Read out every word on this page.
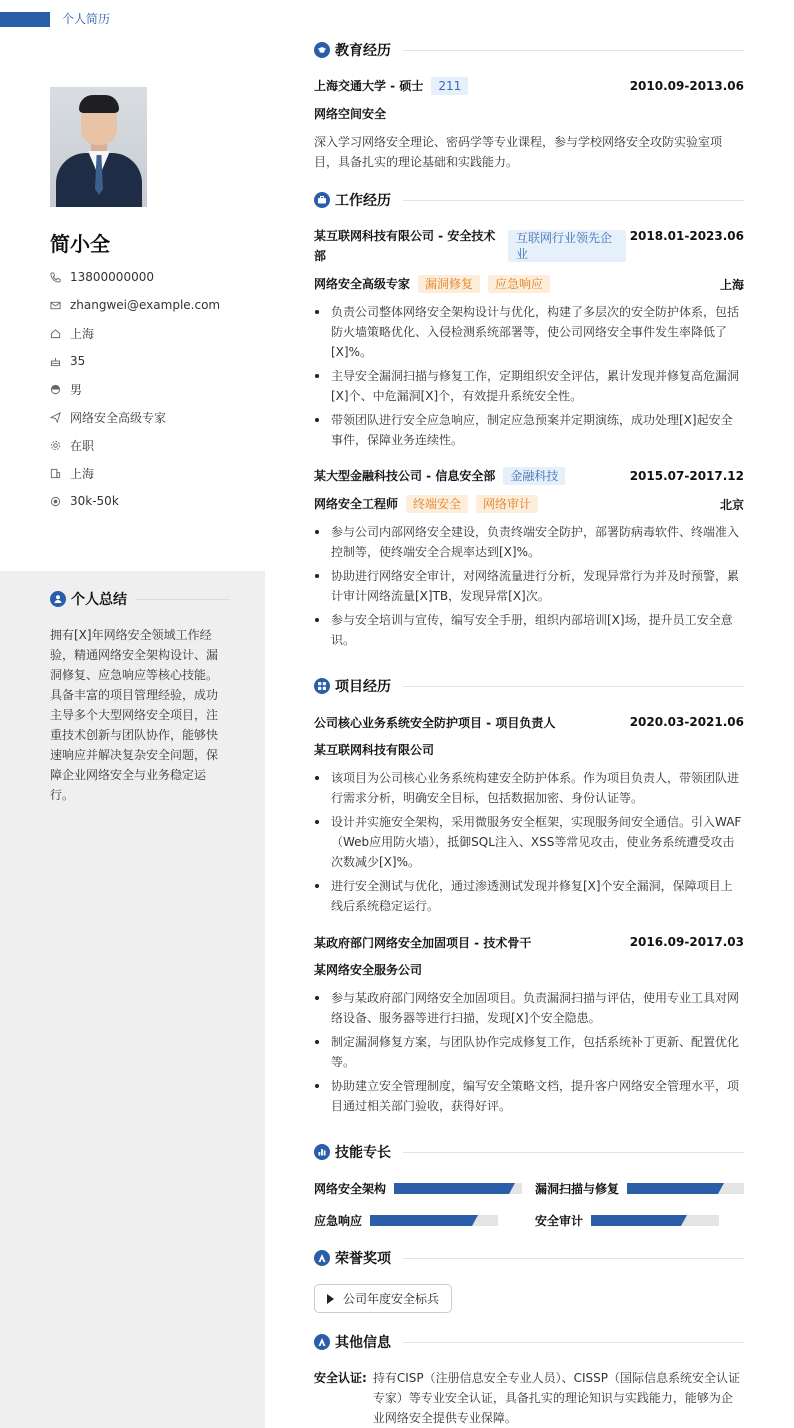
个人简历
简小全
13800000000
zhangwei@example.com
上海
35
男
网络安全高级专家
在职
上海
30k-50k
个人总结
拥有[X]年网络安全领域工作经验，精通网络安全架构设计、漏洞修复、应急响应等核心技能。具备丰富的项目管理经验，成功主导多个大型网络安全项目，注重技术创新与团队协作，能够快速响应并解决复杂安全问题，保障企业网络安全与业务稳定运行。
教育经历
上海交通大学 - 硕士 211	2010.09-2013.06
网络空间安全
深入学习网络安全理论、密码学等专业课程，参与学校网络安全攻防实验室项目，具备扎实的理论基础和实践能力。
工作经历
某互联网科技有限公司 - 安全技术部
互联网行业领先企业
2018.01-2023.06
网络安全高级专家 漏洞修复 应急响应	上海
负责公司整体网络安全架构设计与优化，构建了多层次的安全防护体系，包括防火墙策略优化、入侵检测系统部署等，使公司网络安全事件发生率降低了[X]%。
主导安全漏洞扫描与修复工作，定期组织安全评估，累计发现并修复高危漏洞[X]个、中危漏洞[X]个，有效提升系统安全性。
带领团队进行安全应急响应，制定应急预案并定期演练，成功处理[X]起安全事件，保障业务连续性。
某大型金融科技公司 - 信息安全部 金融科技	2015.07-2017.12
网络安全工程师 终端安全 网络审计	北京
参与公司内部网络安全建设，负责终端安全防护，部署防病毒软件、终端准入控制等，使终端安全合规率达到[X]%。
协助进行网络安全审计，对网络流量进行分析，发现异常行为并及时预警，累计审计网络流量[X]TB，发现异常[X]次。
参与安全培训与宣传，编写安全手册，组织内部培训[X]场，提升员工安全意识。
项目经历
公司核心业务系统安全防护项目 - 项目负责人	2020.03-2021.06
某互联网科技有限公司
该项目为公司核心业务系统构建安全防护体系。作为项目负责人，带领团队进行需求分析，明确安全目标，包括数据加密、身份认证等。
设计并实施安全架构，采用微服务安全框架，实现服务间安全通信。引入WAF（Web应用防火墙），抵御SQL注入、XSS等常见攻击，使业务系统遭受攻击次数减少[X]%。
进行安全测试与优化，通过渗透测试发现并修复[X]个安全漏洞，保障项目上线后系统稳定运行。
某政府部门网络安全加固项目 - 技术骨干	2016.09-2017.03
某网络安全服务公司
参与某政府部门网络安全加固项目。负责漏洞扫描与评估，使用专业工具对网络设备、服务器等进行扫描，发现[X]个安全隐患。
制定漏洞修复方案，与团队协作完成修复工作，包括系统补丁更新、配置优化等。
协助建立安全管理制度，编写安全策略文档，提升客户网络安全管理水平，项目通过相关部门验收，获得好评。
技能专长
网络安全架构	漏洞扫描与修复
应急响应	安全审计
荣誉奖项
公司年度安全标兵
其他信息
安全认证: 持有CISP（注册信息安全专业人员）、CISSP（国际信息系统安全认证专家）等专业安全认证，具备扎实的理论知识与实践能力，能够为企业网络安全提供专业保障。
